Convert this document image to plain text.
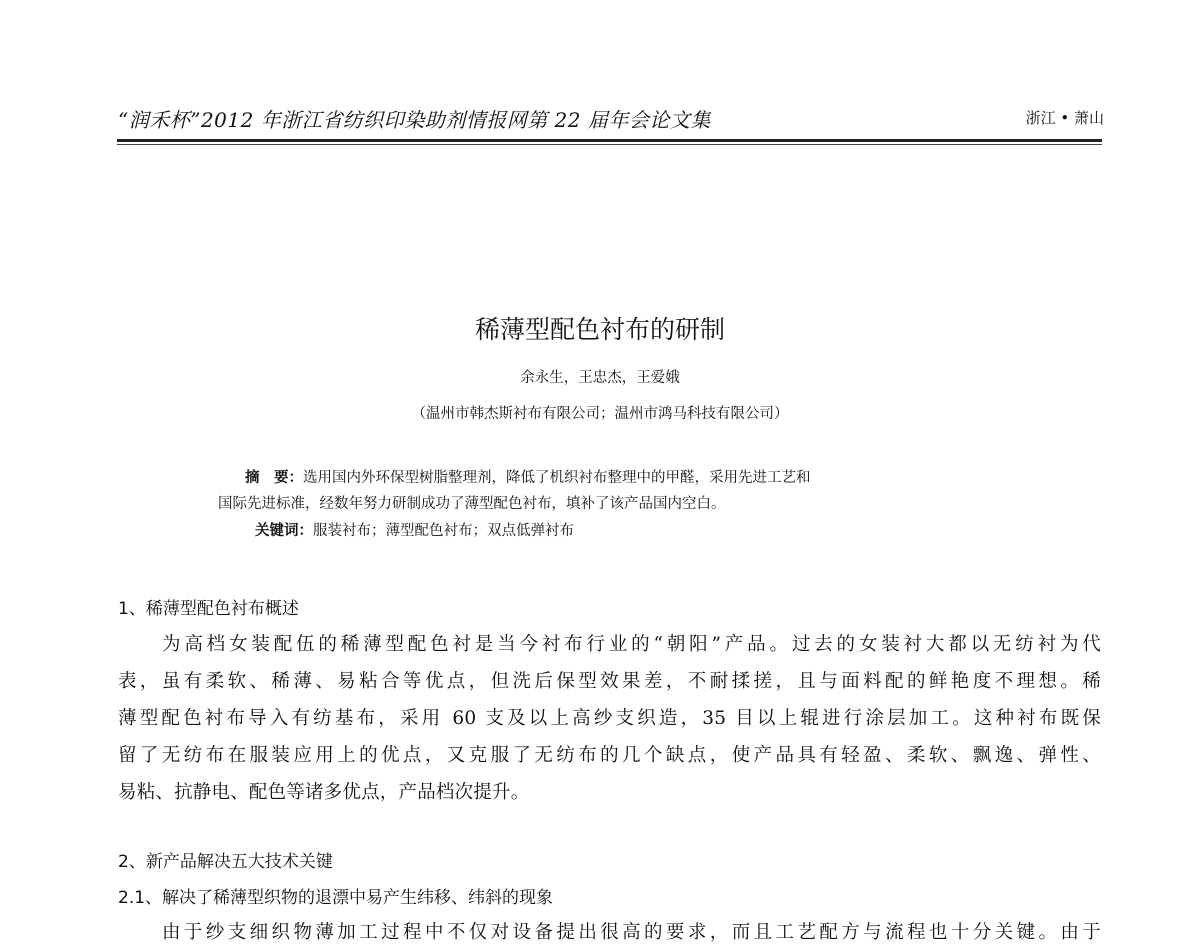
“润禾杯”2012 年浙江省纺织印染助剂情报网第 22 届年会论文集	浙江 • 萧山
稀薄型配色衬布的研制
余永生，王忠杰，王爱娥
（温州市韩杰斯衬布有限公司；温州市鸿马科技有限公司）
摘　要：选用国内外环保型树脂整理剂，降低了机织衬布整理中的甲醛，采用先进工艺和
国际先进标准，经数年努力研制成功了薄型配色衬布，填补了该产品国内空白。
关键词：服装衬布；薄型配色衬布；双点低弹衬布
1、稀薄型配色衬布概述
为高档女装配伍的稀薄型配色衬是当今衬布行业的“朝阳”产品。过去的女装衬大都以无纺衬为代
表，虽有柔软、稀薄、易粘合等优点，但洗后保型效果差，不耐揉搓，且与面料配的鲜艳度不理想。稀
薄型配色衬布导入有纺基布，采用 60 支及以上高纱支织造，35 目以上辊进行涂层加工。这种衬布既保
留了无纺布在服装应用上的优点，又克服了无纺布的几个缺点，使产品具有轻盈、柔软、飘逸、弹性、
易粘、抗静电、配色等诸多优点，产品档次提升。
2、新产品解决五大技术关键
2.1、解决了稀薄型织物的退漂中易产生纬移、纬斜的现象
由于纱支细织物薄加工过程中不仅对设备提出很高的要求，而且工艺配方与流程也十分关键。由于
